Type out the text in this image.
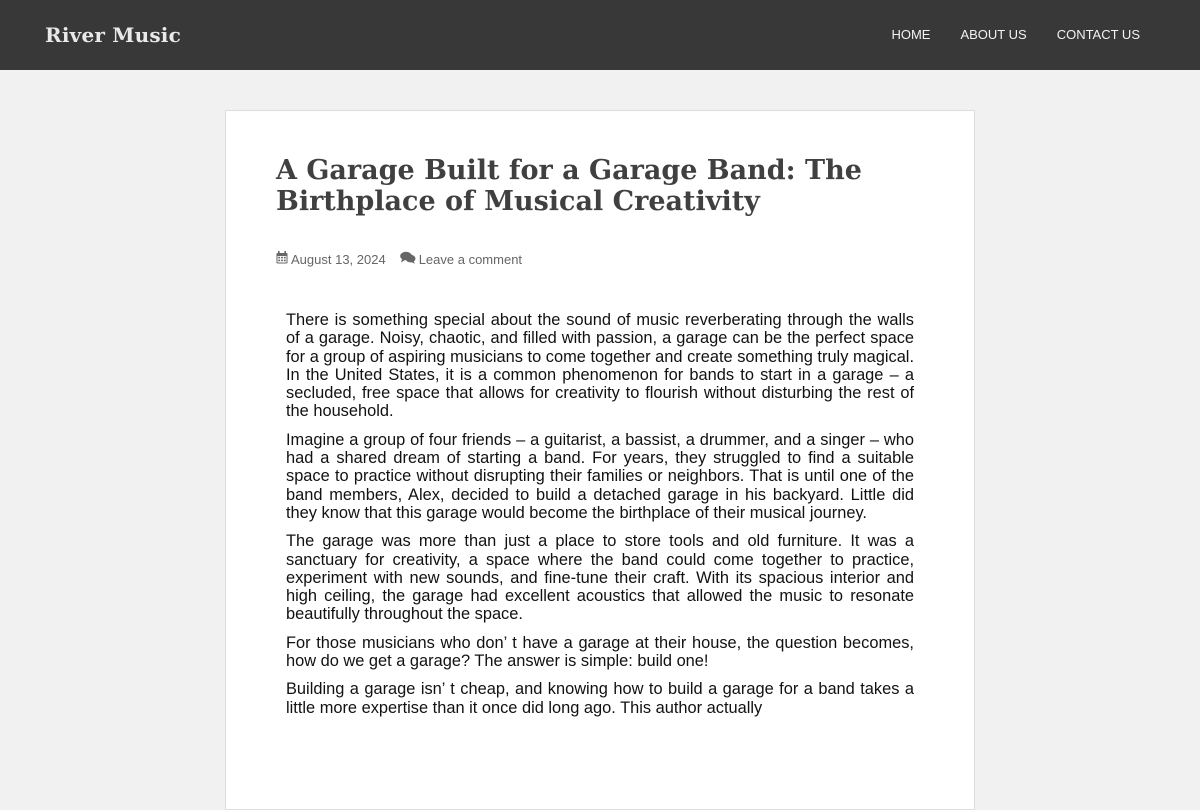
River Music	HOME ABOUT US CONTACT US
A Garage Built for a Garage Band: The Birthplace of Musical Creativity
August 13, 2024	Leave a comment

There is something special about the sound of music reverberating through the walls of a garage. Noisy, chaotic, and filled with passion, a garage can be the perfect space for a group of aspiring musicians to come together and create something truly magical. In the United States, it is a common phenomenon for bands to start in a garage – a secluded, free space that allows for creativity to flourish without disturbing the rest of the household.

Imagine a group of four friends – a guitarist, a bassist, a drummer, and a singer – who had a shared dream of starting a band. For years, they struggled to find a suitable space to practice without disrupting their families or neighbors. That is until one of the band members, Alex, decided to build a detached garage in his backyard. Little did they know that this garage would become the birthplace of their musical journey.

The garage was more than just a place to store tools and old furniture. It was a sanctuary for creativity, a space where the band could come together to practice, experiment with new sounds, and fine-tune their craft. With its spacious interior and high ceiling, the garage had excellent acoustics that allowed the music to resonate beautifully throughout the space.

For those musicians who don’ t have a garage at their house, the question becomes, how do we get a garage? The answer is simple: build one!

Building a garage isn’ t cheap, and knowing how to build a garage for a band takes a little more expertise than it once did long ago. This author actually
